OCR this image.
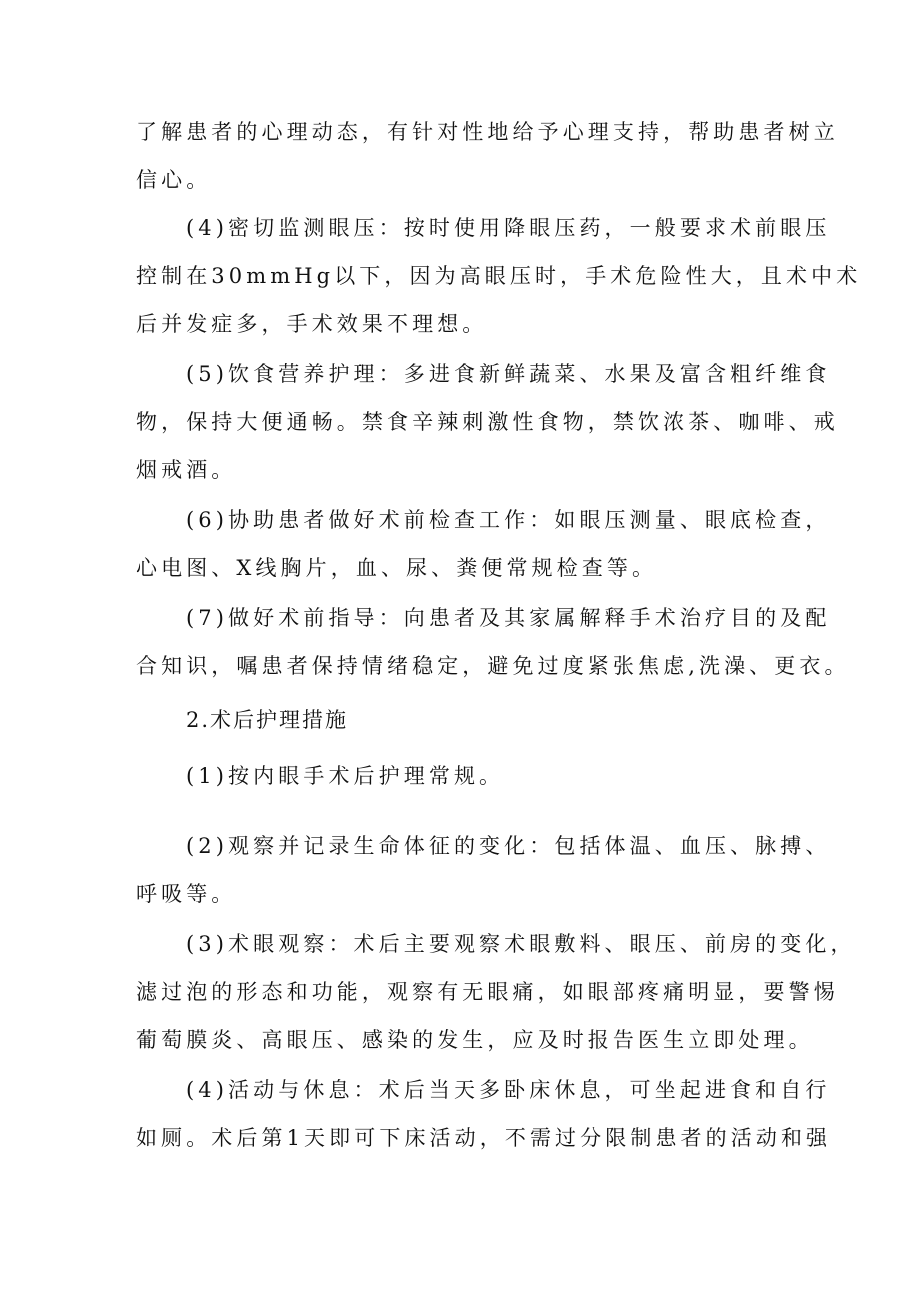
了解患者的心理动态，有针对性地给予心理支持，帮助患者树立
信心。
(4)密切监测眼压：按时使用降眼压药，一般要求术前眼压
控制在30mmHg以下，因为高眼压时，手术危险性大，且术中术
后并发症多，手术效果不理想。
(5)饮食营养护理：多进食新鲜蔬菜、水果及富含粗纤维食
物，保持大便通畅。禁食辛辣刺激性食物，禁饮浓茶、咖啡、戒
烟戒酒。
(6)协助患者做好术前检查工作：如眼压测量、眼底检查，
心电图、X线胸片，血、尿、粪便常规检查等。
(7)做好术前指导：向患者及其家属解释手术治疗目的及配
合知识，嘱患者保持情绪稳定，避免过度紧张焦虑,洗澡、更衣。
2.术后护理措施
(1)按内眼手术后护理常规。
(2)观察并记录生命体征的变化：包括体温、血压、脉搏、
呼吸等。
(3)术眼观察：术后主要观察术眼敷料、眼压、前房的变化，
滤过泡的形态和功能，观察有无眼痛，如眼部疼痛明显，要警惕
葡萄膜炎、高眼压、感染的发生，应及时报告医生立即处理。
(4)活动与休息：术后当天多卧床休息，可坐起进食和自行
如厕。术后第1天即可下床活动，不需过分限制患者的活动和强
